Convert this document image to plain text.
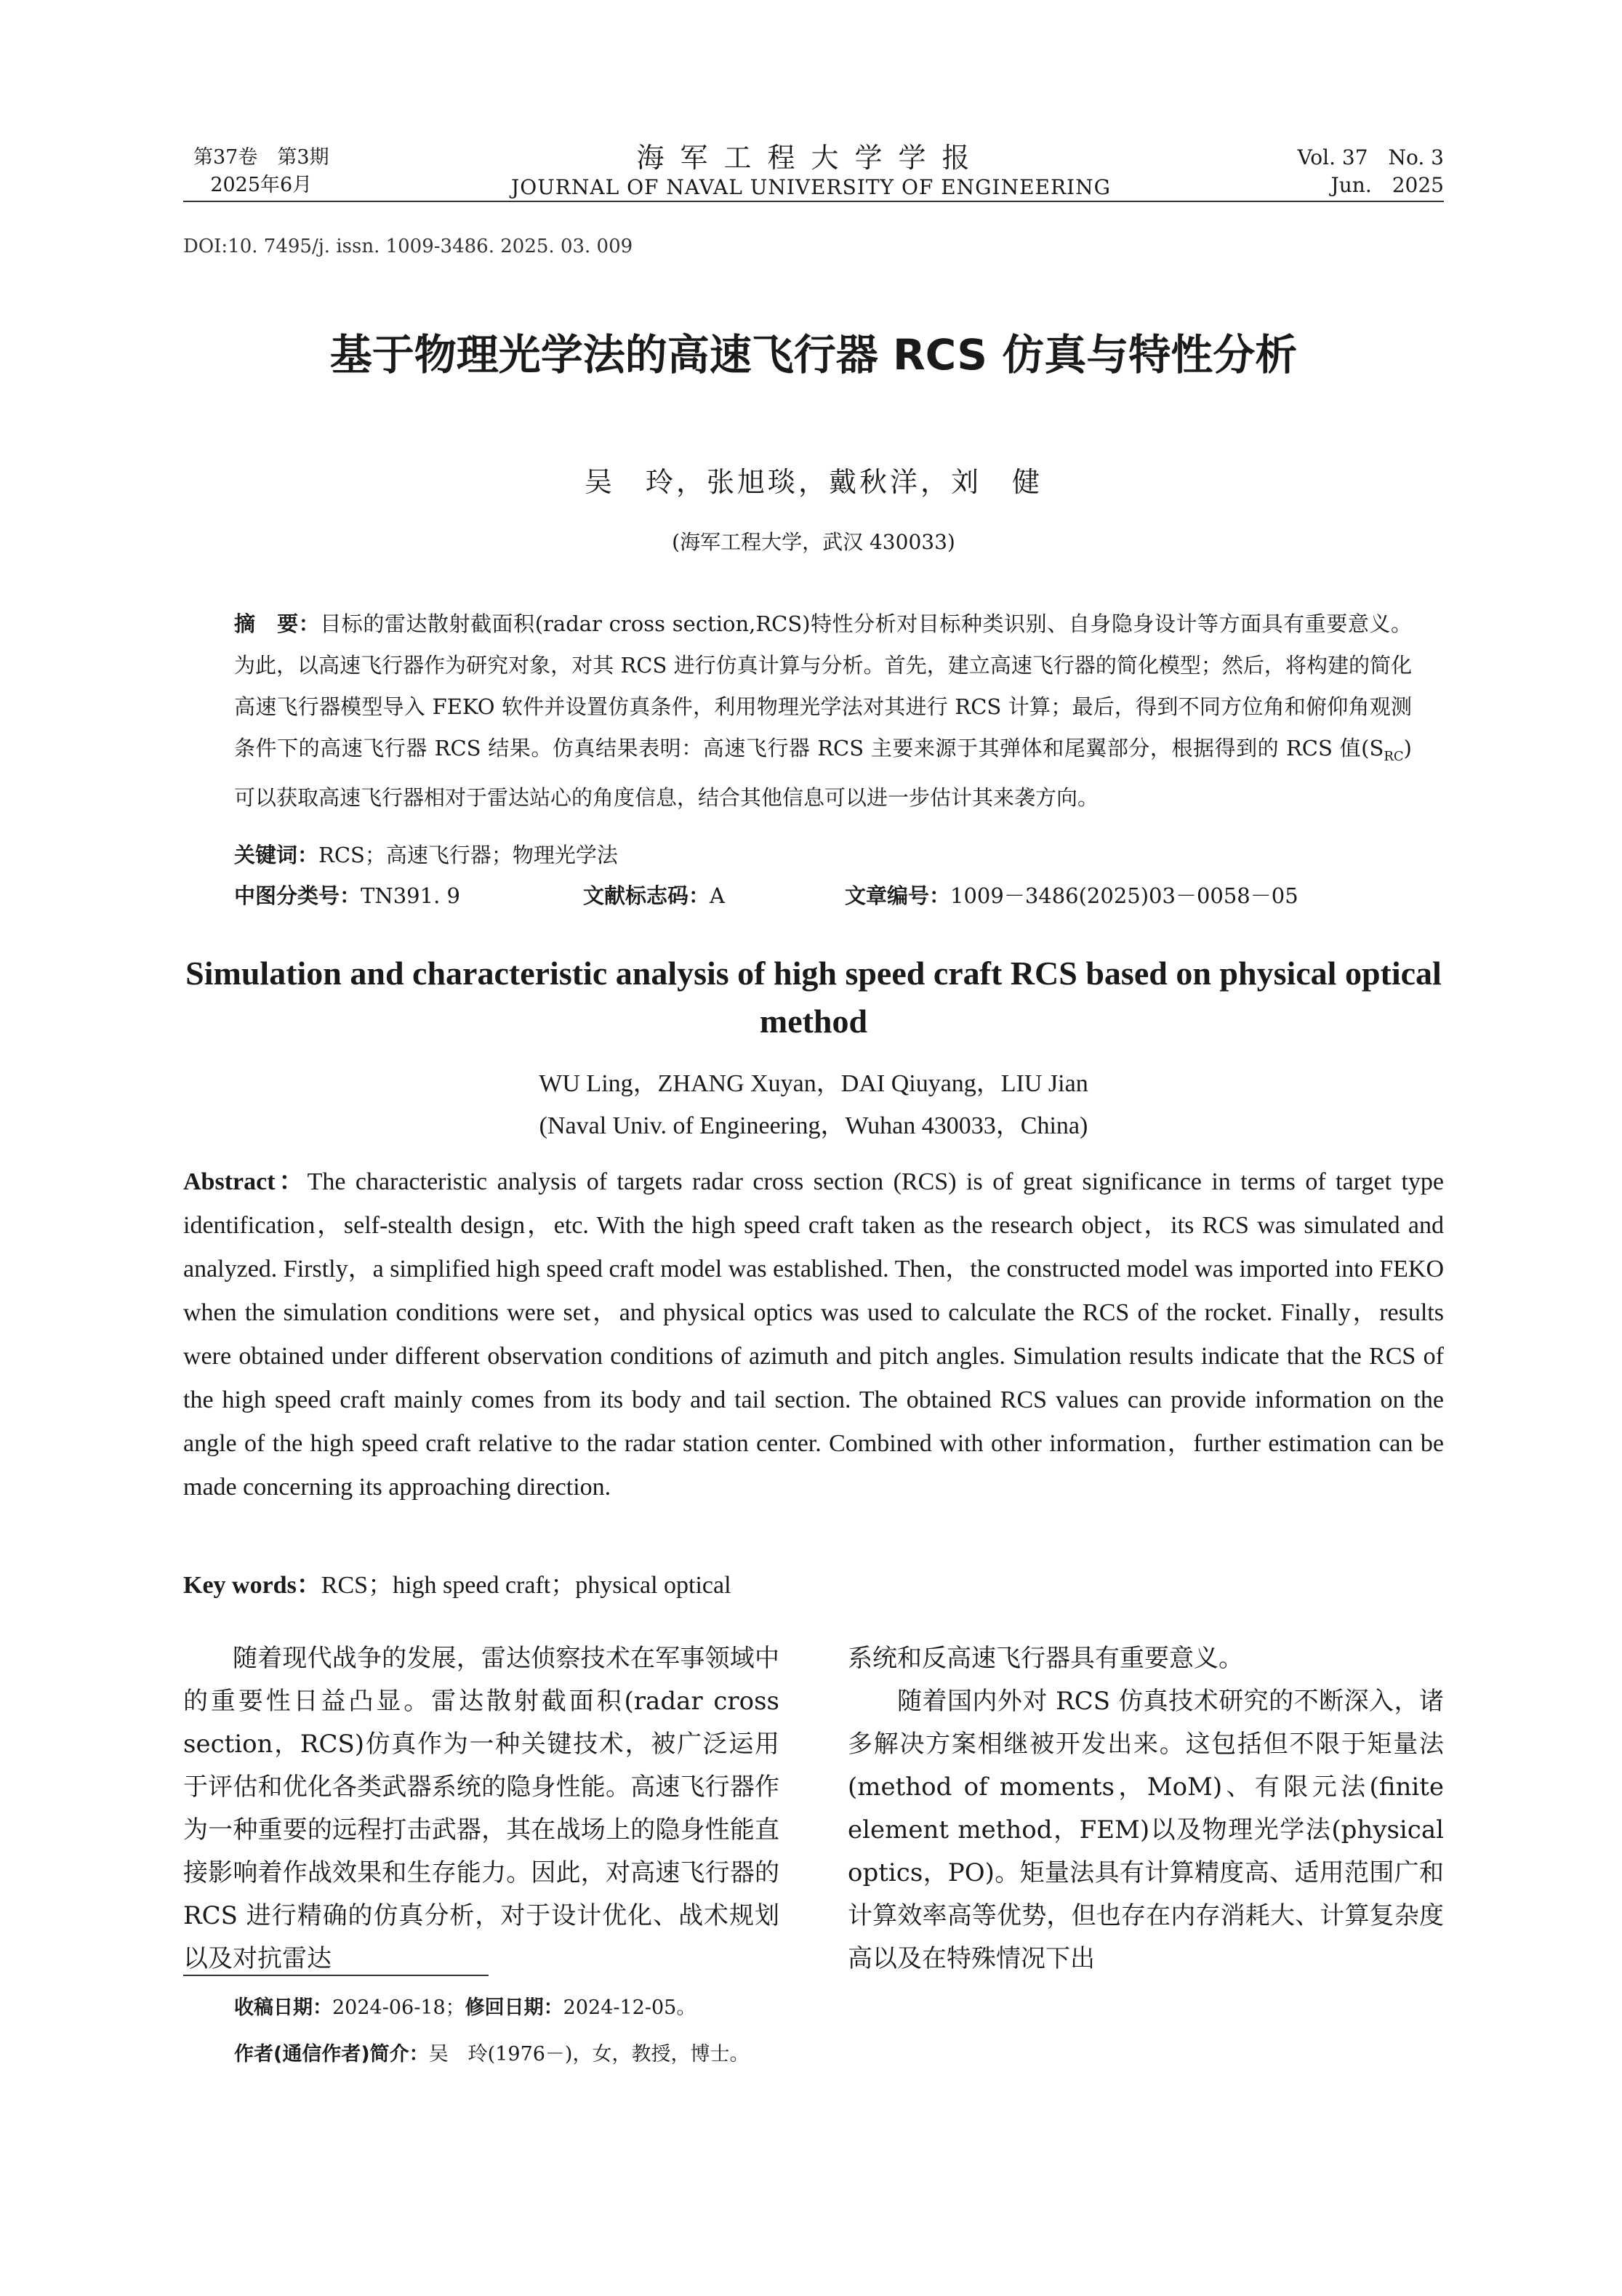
第37卷　第3期
2025年6月
海军工程大学学报
JOURNAL OF NAVAL UNIVERSITY OF ENGINEERING
Vol. 37　No. 3
Jun.　2025
DOI:10. 7495/j. issn. 1009-3486. 2025. 03. 009
基于物理光学法的高速飞行器 RCS 仿真与特性分析
吴　玲，张旭琰，戴秋洋，刘　健
(海军工程大学，武汉 430033)
摘　要：目标的雷达散射截面积(radar cross section,RCS)特性分析对目标种类识别、自身隐身设计等方面具有重要意义。为此，以高速飞行器作为研究对象，对其 RCS 进行仿真计算与分析。首先，建立高速飞行器的简化模型；然后，将构建的简化高速飞行器模型导入 FEKO 软件并设置仿真条件，利用物理光学法对其进行 RCS 计算；最后，得到不同方位角和俯仰角观测条件下的高速飞行器 RCS 结果。仿真结果表明：高速飞行器 RCS 主要来源于其弹体和尾翼部分，根据得到的 RCS 值$(S_{RC})$可以获取高速飞行器相对于雷达站心的角度信息，结合其他信息可以进一步估计其来袭方向。
关键词：RCS；高速飞行器；物理光学法
中图分类号：TN391. 9	文献标志码：A	文章编号：1009－3486(2025)03－0058－05
Simulation and characteristic analysis of high speed craft RCS based on physical optical method
WU Ling，ZHANG Xuyan，DAI Qiuyang，LIU Jian
(Naval Univ. of Engineering，Wuhan 430033，China)
Abstract：The characteristic analysis of targets radar cross section (RCS) is of great significance in terms of target type identification，self-stealth design，etc. With the high speed craft taken as the research object，its RCS was simulated and analyzed. Firstly，a simplified high speed craft model was established. Then，the constructed model was imported into FEKO when the simulation conditions were set，and physical optics was used to calculate the RCS of the rocket. Finally，results were obtained under different observation conditions of azimuth and pitch angles. Simulation results indicate that the RCS of the high speed craft mainly comes from its body and tail section. The obtained RCS values can provide information on the angle of the high speed craft relative to the radar station center. Combined with other information，further estimation can be made concerning its approaching direction.
Key words：RCS；high speed craft；physical optical

随着现代战争的发展，雷达侦察技术在军事领域中的重要性日益凸显。雷达散射截面积(radar cross section，RCS)仿真作为一种关键技术，被广泛运用于评估和优化各类武器系统的隐身性能。高速飞行器作为一种重要的远程打击武器，其在战场上的隐身性能直接影响着作战效果和生存能力。因此，对高速飞行器的 RCS 进行精确的仿真分析，对于设计优化、战术规划以及对抗雷达

系统和反高速飞行器具有重要意义。

随着国内外对 RCS 仿真技术研究的不断深入，诸多解决方案相继被开发出来。这包括但不限于矩量法(method of moments，MoM)、有限元法(finite element method，FEM)以及物理光学法(physical optics，PO)。矩量法具有计算精度高、适用范围广和计算效率高等优势，但也存在内存消耗大、计算复杂度高以及在特殊情况下出

收稿日期：2024-06-18；修回日期：2024-12-05。
作者(通信作者)简介：吴　玲(1976－)，女，教授，博士。
